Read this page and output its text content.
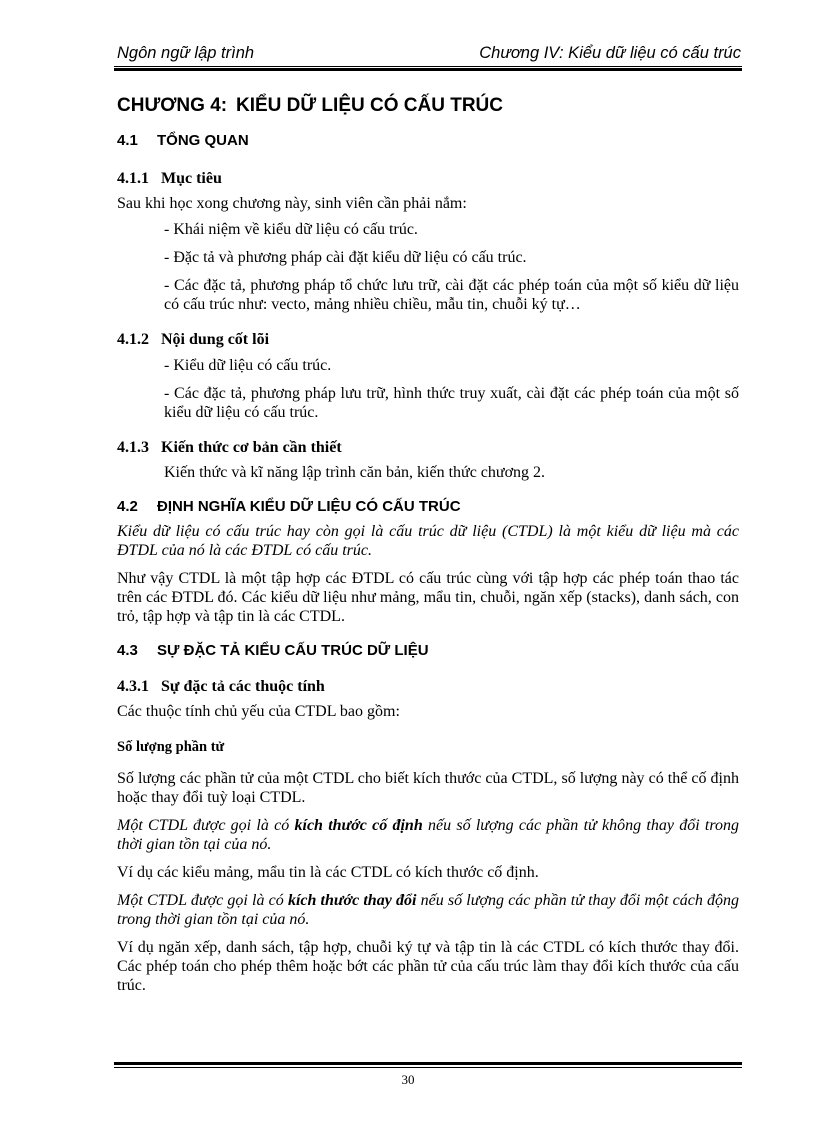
Ngôn ngữ lập trình	Chương IV: Kiểu dữ liệu có cấu trúc
CHƯƠNG 4: KIỂU DỮ LIỆU CÓ CẤU TRÚC
4.1 TỔNG QUAN
4.1.1 Mục tiêu

Sau khi học xong chương này, sinh viên cần phải nắm:

- Khái niệm về kiểu dữ liệu có cấu trúc.

- Đặc tả và phương pháp cài đặt kiểu dữ liệu có cấu trúc.

- Các đặc tả, phương pháp tổ chức lưu trữ, cài đặt các phép toán của một số kiểu dữ liệu có cấu trúc như: vecto, mảng nhiều chiều, mẫu tin, chuỗi ký tự…

4.1.2 Nội dung cốt lõi

- Kiểu dữ liệu có cấu trúc.

- Các đặc tả, phương pháp lưu trữ, hình thức truy xuất, cài đặt các phép toán của một số kiểu dữ liệu có cấu trúc.

4.1.3 Kiến thức cơ bản cần thiết

Kiến thức và kĩ năng lập trình căn bản, kiến thức chương 2.

4.2 ĐỊNH NGHĨA KIỂU DỮ LIỆU CÓ CẤU TRÚC

Kiểu dữ liệu có cấu trúc hay còn gọi là cấu trúc dữ liệu (CTDL) là một kiểu dữ liệu mà các ĐTDL của nó là các ĐTDL có cấu trúc.

Như vậy CTDL là một tập hợp các ĐTDL có cấu trúc cùng với tập hợp các phép toán thao tác trên các ĐTDL đó. Các kiểu dữ liệu như mảng, mẩu tin, chuỗi, ngăn xếp (stacks), danh sách, con trỏ, tập hợp và tập tin là các CTDL.

4.3 SỰ ĐẶC TẢ KIỂU CẤU TRÚC DỮ LIỆU
4.3.1 Sự đặc tả các thuộc tính

Các thuộc tính chủ yếu của CTDL bao gồm:

Số lượng phần tử

Số lượng các phần tử của một CTDL cho biết kích thước của CTDL, số lượng này có thể cố định hoặc thay đổi tuỳ loại CTDL.

Một CTDL được gọi là có kích thước cố định nếu số lượng các phần tử không thay đổi trong thời gian tồn tại của nó.

Ví dụ các kiểu mảng, mẩu tin là các CTDL có kích thước cố định.

Một CTDL được gọi là có kích thước thay đổi nếu số lượng các phần tử thay đổi một cách động trong thời gian tồn tại của nó.

Ví dụ ngăn xếp, danh sách, tập hợp, chuỗi ký tự và tập tin là các CTDL có kích thước thay đổi. Các phép toán cho phép thêm hoặc bớt các phần tử của cấu trúc làm thay đổi kích thước của cấu trúc.

30
